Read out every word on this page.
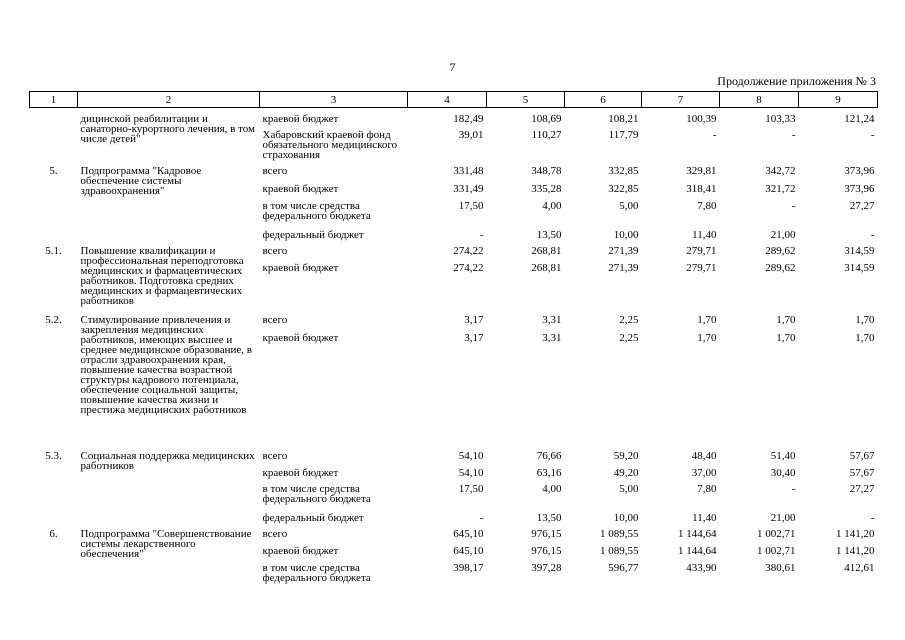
7
Продолжение приложения № 3
1	2	3	4	5	6	7	8	9

	дицинской реабилитации и санаторно-курортного лечения, в том числе детей"	краевой бюджет	182,49	108,69	108,21	100,39	103,33	121,24
		Хабаровский краевой фонд обязательного медицинского страхования	39,01	110,27	117,79	-	-	-
5.	Подпрограмма "Кадровое обеспечение системы здравоохранения"	всего	331,48	348,78	332,85	329,81	342,72	373,96
		краевой бюджет	331,49	335,28	322,85	318,41	321,72	373,96
		в том числе средства федерального бюджета	17,50	4,00	5,00	7,80	-	27,27
		федеральный бюджет	-	13,50	10,00	11,40	21,00	-
5.1.	Повышение квалификации и профессиональная переподготовка медицинских и фармацевтических работников. Подготовка средних медицинских и фармацевтических работников	всего	274,22	268,81	271,39	279,71	289,62	314,59
		краевой бюджет	274,22	268,81	271,39	279,71	289,62	314,59
5.2.	Стимулирование привлечения и закрепления медицинских работников, имеющих высшее и среднее медицинское образование, в отрасли здравоохранения края, повышение качества возрастной структуры кадрового потенциала, обеспечение социальной защиты, повышение качества жизни и престижа медицинских работников	всего	3,17	3,31	2,25	1,70	1,70	1,70
		краевой бюджет	3,17	3,31	2,25	1,70	1,70	1,70
5.3.	Социальная поддержка медицинских работников	всего	54,10	76,66	59,20	48,40	51,40	57,67
		краевой бюджет	54,10	63,16	49,20	37,00	30,40	57,67
		в том числе средства федерального бюджета	17,50	4,00	5,00	7,80	-	27,27
		федеральный бюджет	-	13,50	10,00	11,40	21,00	-
6.	Подпрограмма "Совершенствование системы лекарственного обеспечения"	всего	645,10	976,15	1 089,55	1 144,64	1 002,71	1 141,20
		краевой бюджет	645,10	976,15	1 089,55	1 144,64	1 002,71	1 141,20
		в том числе средства федерального бюджета	398,17	397,28	596,77	433,90	380,61	412,61
